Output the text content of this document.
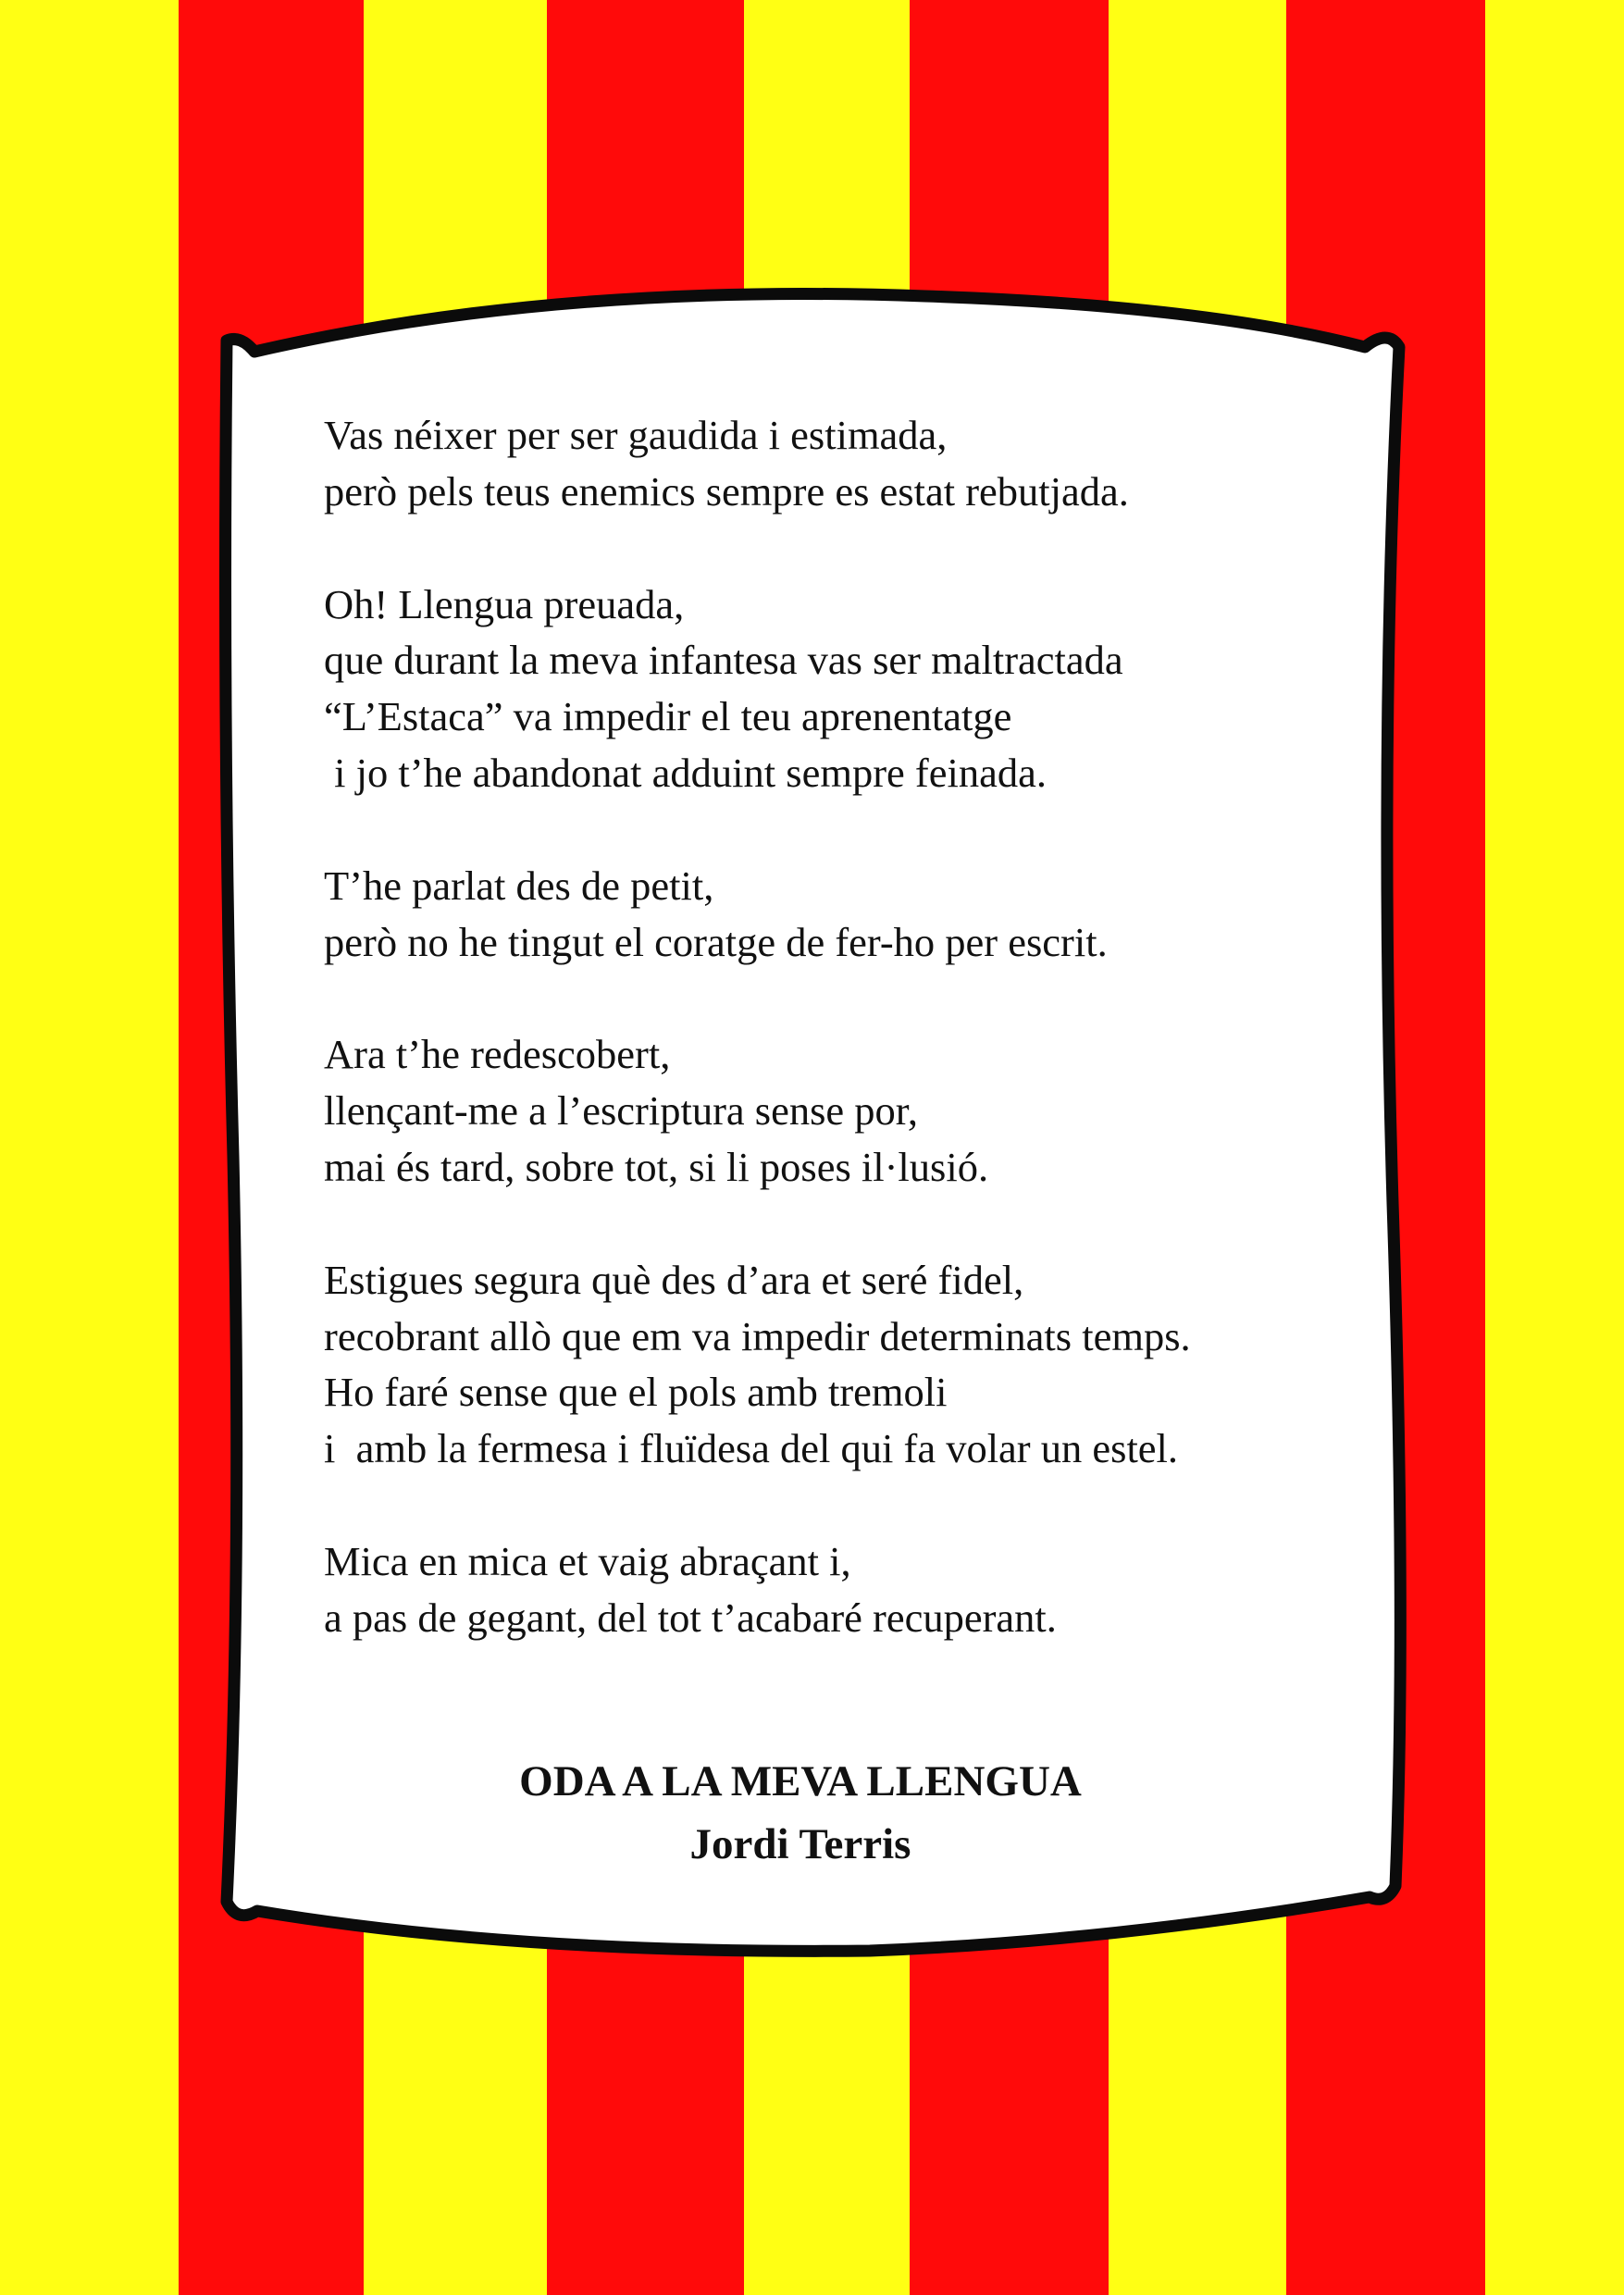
Vas néixer per ser gaudida i estimada,
però pels teus enemics sempre es estat rebutjada.
Oh! Llengua preuada,
que durant la meva infantesa vas ser maltractada
“L’Estaca” va impedir el teu aprenentatge
i jo t’he abandonat adduint sempre feinada.
T’he parlat des de petit,
però no he tingut el coratge de fer-ho per escrit.
Ara t’he redescobert,
llençant-me a l’escriptura sense por,
mai és tard, sobre tot, si li poses il·lusió.
Estigues segura què des d’ara et seré fidel,
recobrant allò que em va impedir determinats temps.
Ho faré sense que el pols amb tremoli
i  amb la fermesa i fluïdesa del qui fa volar un estel.
Mica en mica et vaig abraçant i,
a pas de gegant, del tot t’acabaré recuperant.
ODA A LA MEVA LLENGUA
Jordi Terris
